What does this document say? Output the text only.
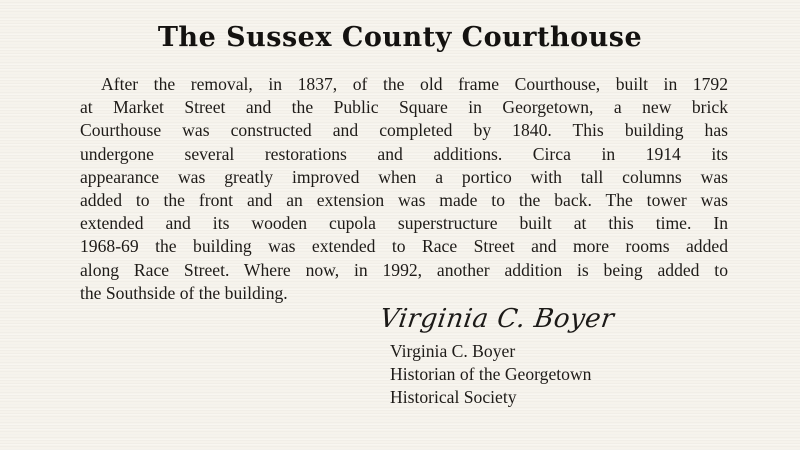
The Sussex County Courthouse
After the removal, in 1837, of the old frame Courthouse, built in 1792
at Market Street and the Public Square in Georgetown, a new brick
Courthouse was constructed and completed by 1840. This building has
undergone several restorations and additions. Circa in 1914 its
appearance was greatly improved when a portico with tall columns was
added to the front and an extension was made to the back. The tower was
extended and its wooden cupola superstructure built at this time. In
1968-69 the building was extended to Race Street and more rooms added
along Race Street. Where now, in 1992, another addition is being added to
the Southside of the building.
Virginia C. Boyer
Virginia C. Boyer
Historian of the Georgetown
Historical Society
